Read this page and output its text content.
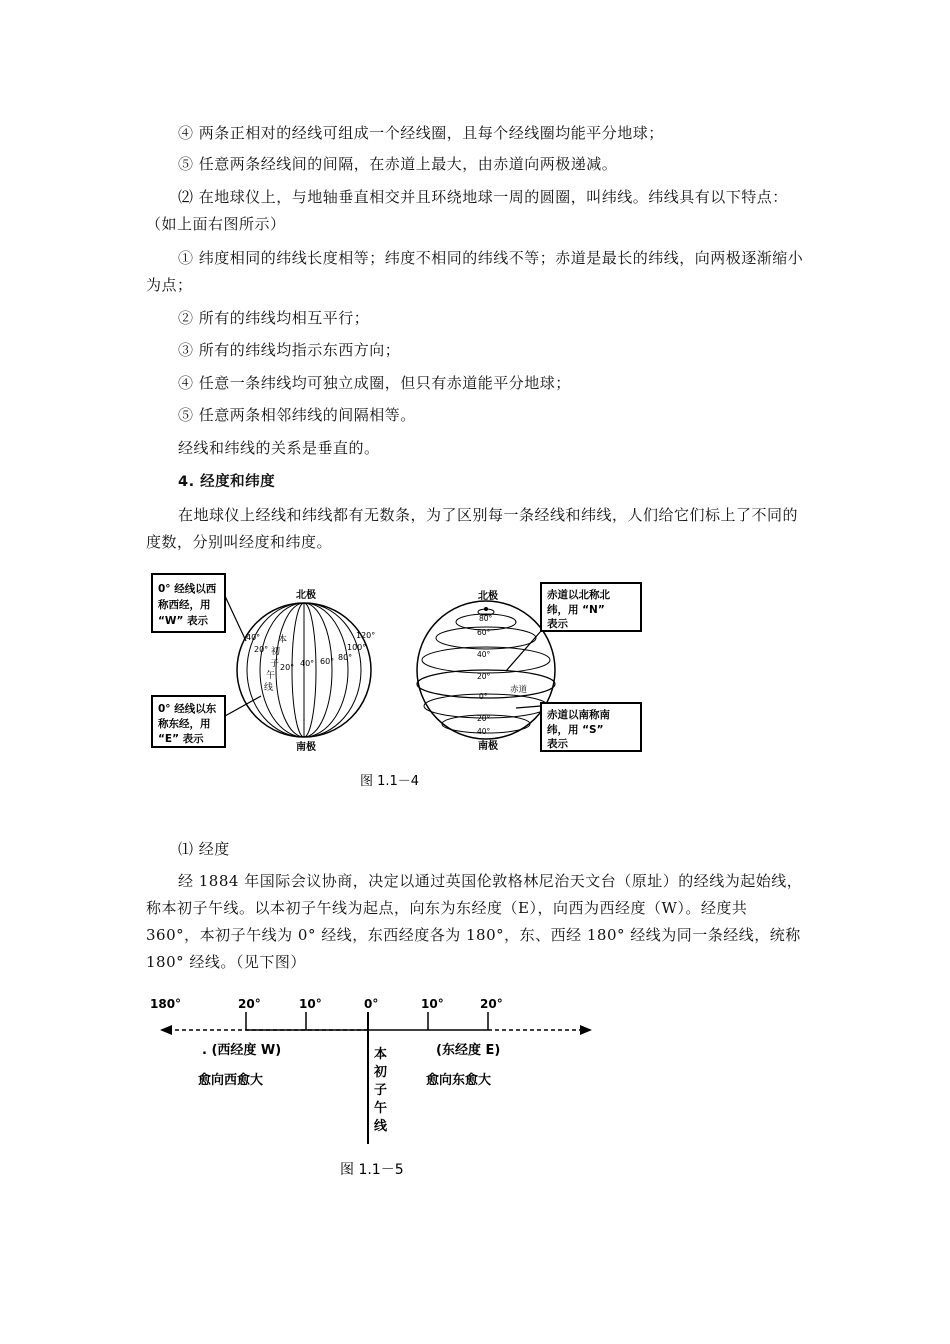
④ 两条正相对的经线可组成一个经线圈，且每个经线圈均能平分地球；

⑤ 任意两条经线间的间隔，在赤道上最大，由赤道向两极递减。

⑵ 在地球仪上，与地轴垂直相交并且环绕地球一周的圆圈，叫纬线。纬线具有以下特点：（如上面右图所示）

① 纬度相同的纬线长度相等；纬度不相同的纬线不等；赤道是最长的纬线，向两极逐渐缩小为点；

② 所有的纬线均相互平行；

③ 所有的纬线均指示东西方向；

④ 任意一条纬线均可独立成圈，但只有赤道能平分地球；

⑤ 任意两条相邻纬线的间隔相等。

经线和纬线的关系是垂直的。

4. 经度和纬度

在地球仪上经线和纬线都有无数条，为了区别每一条经线和纬线，人们给它们标上了不同的度数，分别叫经度和纬度。

0° 经线以西
称西经，用
“W” 表示
0° 经线以东
称东经，用
“E” 表示
北极
南极
40°
20°
20° 40° 60° 80°
100°
120°
本
初
子
午
线
北极
南极
80°
60°
40°
20°
0°
20°
40°
赤道
赤道以北称北
纬，用 “N”
表示
赤道以南称南
纬，用 “S”
表示
图 1.1－4

⑴ 经度

经 1884 年国际会议协商，决定以通过英国伦敦格林尼治天文台（原址）的经线为起始线，称本初子午线。以本初子午线为起点，向东为东经度（E），向西为西经度（W）。经度共 360°，本初子午线为 0° 经线，东西经度各为 180°，东、西经 180° 经线为同一条经线，统称 180° 经线。（见下图）

180°	20°	10°	0°	10°	20°
. (西经度 W)
愈向西愈大
(东经度 E)
愈向东愈大
本
初
子
午
线
图 1.1－5
